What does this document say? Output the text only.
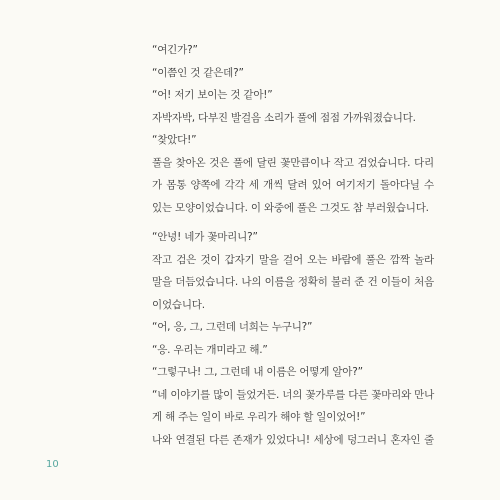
“여긴가?”
“이쯤인 것 같은데?”
“어! 저기 보이는 것 같아!”
자박자박, 다부진 발걸음 소리가 풀에 점점 가까워졌습니다.
“찾았다!”
풀을 찾아온 것은 풀에 달린 꽃만큼이나 작고 검었습니다. 다리
가 몸통 양쪽에 각각 세 개씩 달려 있어 여기저기 돌아다닐 수
있는 모양이었습니다. 이 와중에 풀은 그것도 참 부러웠습니다.
“안녕! 네가 꽃마리니?”
작고 검은 것이 갑자기 말을 걸어 오는 바람에 풀은 깜짝 놀라
말을 더듬었습니다. 나의 이름을 정확히 불러 준 건 이들이 처음
이었습니다.
“어, 응, 그, 그런데 너희는 누구니?”
“응. 우리는 개미라고 해.”
“그렇구나! 그, 그런데 내 이름은 어떻게 알아?”
“네 이야기를 많이 들었거든. 너의 꽃가루를 다른 꽃마리와 만나
게 해 주는 일이 바로 우리가 해야 할 일이었어!”
나와 연결된 다른 존재가 있었다니! 세상에 덩그러니 혼자인 줄
10
